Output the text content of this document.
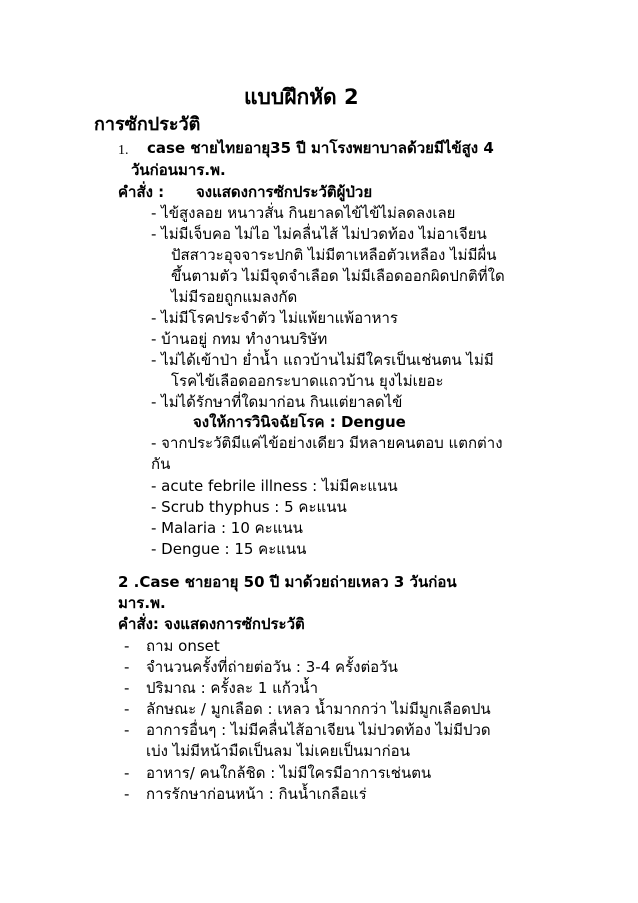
แบบฝึกหัด 2
การซักประวัติ
1. case ชายไทยอายุ35 ปี มาโรงพยาบาลด้วยมีไข้สูง 4
วันก่อนมาร.พ.
คำสั่ง : จงแสดงการซักประวัติผู้ป่วย
- ไข้สูงลอย หนาวสั่น กินยาลดไข้ไข้ไม่ลดลงเลย
- ไม่มีเจ็บคอ ไม่ไอ ไม่คลื่นไส้ ไม่ปวดท้อง ไม่อาเจียน
ปัสสาวะอุจจาระปกติ ไม่มีตาเหลือตัวเหลือง ไม่มีผื่น
ขึ้นตามตัว ไม่มีจุดจำเลือด ไม่มีเลือดออกผิดปกติที่ใด
ไม่มีรอยถูกแมลงกัด
- ไม่มีโรคประจำตัว ไม่แพ้ยาแพ้อาหาร
- บ้านอยู่ กทม ทำงานบริษัท
- ไม่ได้เข้าป่า ย่ำน้ำ แถวบ้านไม่มีใครเป็นเช่นตน ไม่มี
โรคไข้เลือดออกระบาดแถวบ้าน ยุงไม่เยอะ
- ไม่ได้รักษาที่ใดมาก่อน กินแต่ยาลดไข้
จงให้การวินิจฉัยโรค : Dengue
- จากประวัติมีแค่ไข้อย่างเดียว มีหลายคนตอบ แตกต่าง
กัน
- acute febrile illness : ไม่มีคะแนน
- Scrub thyphus : 5 คะแนน
- Malaria : 10 คะแนน
- Dengue : 15 คะแนน
2 .Case ชายอายุ 50 ปี มาด้วยถ่ายเหลว 3 วันก่อน
มาร.พ.
คำสั่ง: จงแสดงการซักประวัติ
- ถาม onset
- จำนวนครั้งที่ถ่ายต่อวัน : 3-4 ครั้งต่อวัน
- ปริมาณ : ครั้งละ 1 แก้วน้ำ
- ลักษณะ / มูกเลือด : เหลว น้ำมากกว่า ไม่มีมูกเลือดปน
- อาการอื่นๆ : ไม่มีคลื่นไส้อาเจียน ไม่ปวดท้อง ไม่มีปวด
เบ่ง ไม่มีหน้ามืดเป็นลม ไม่เคยเป็นมาก่อน
- อาหาร/ คนใกล้ชิด : ไม่มีใครมีอาการเช่นตน
- การรักษาก่อนหน้า : กินน้ำเกลือแร่
